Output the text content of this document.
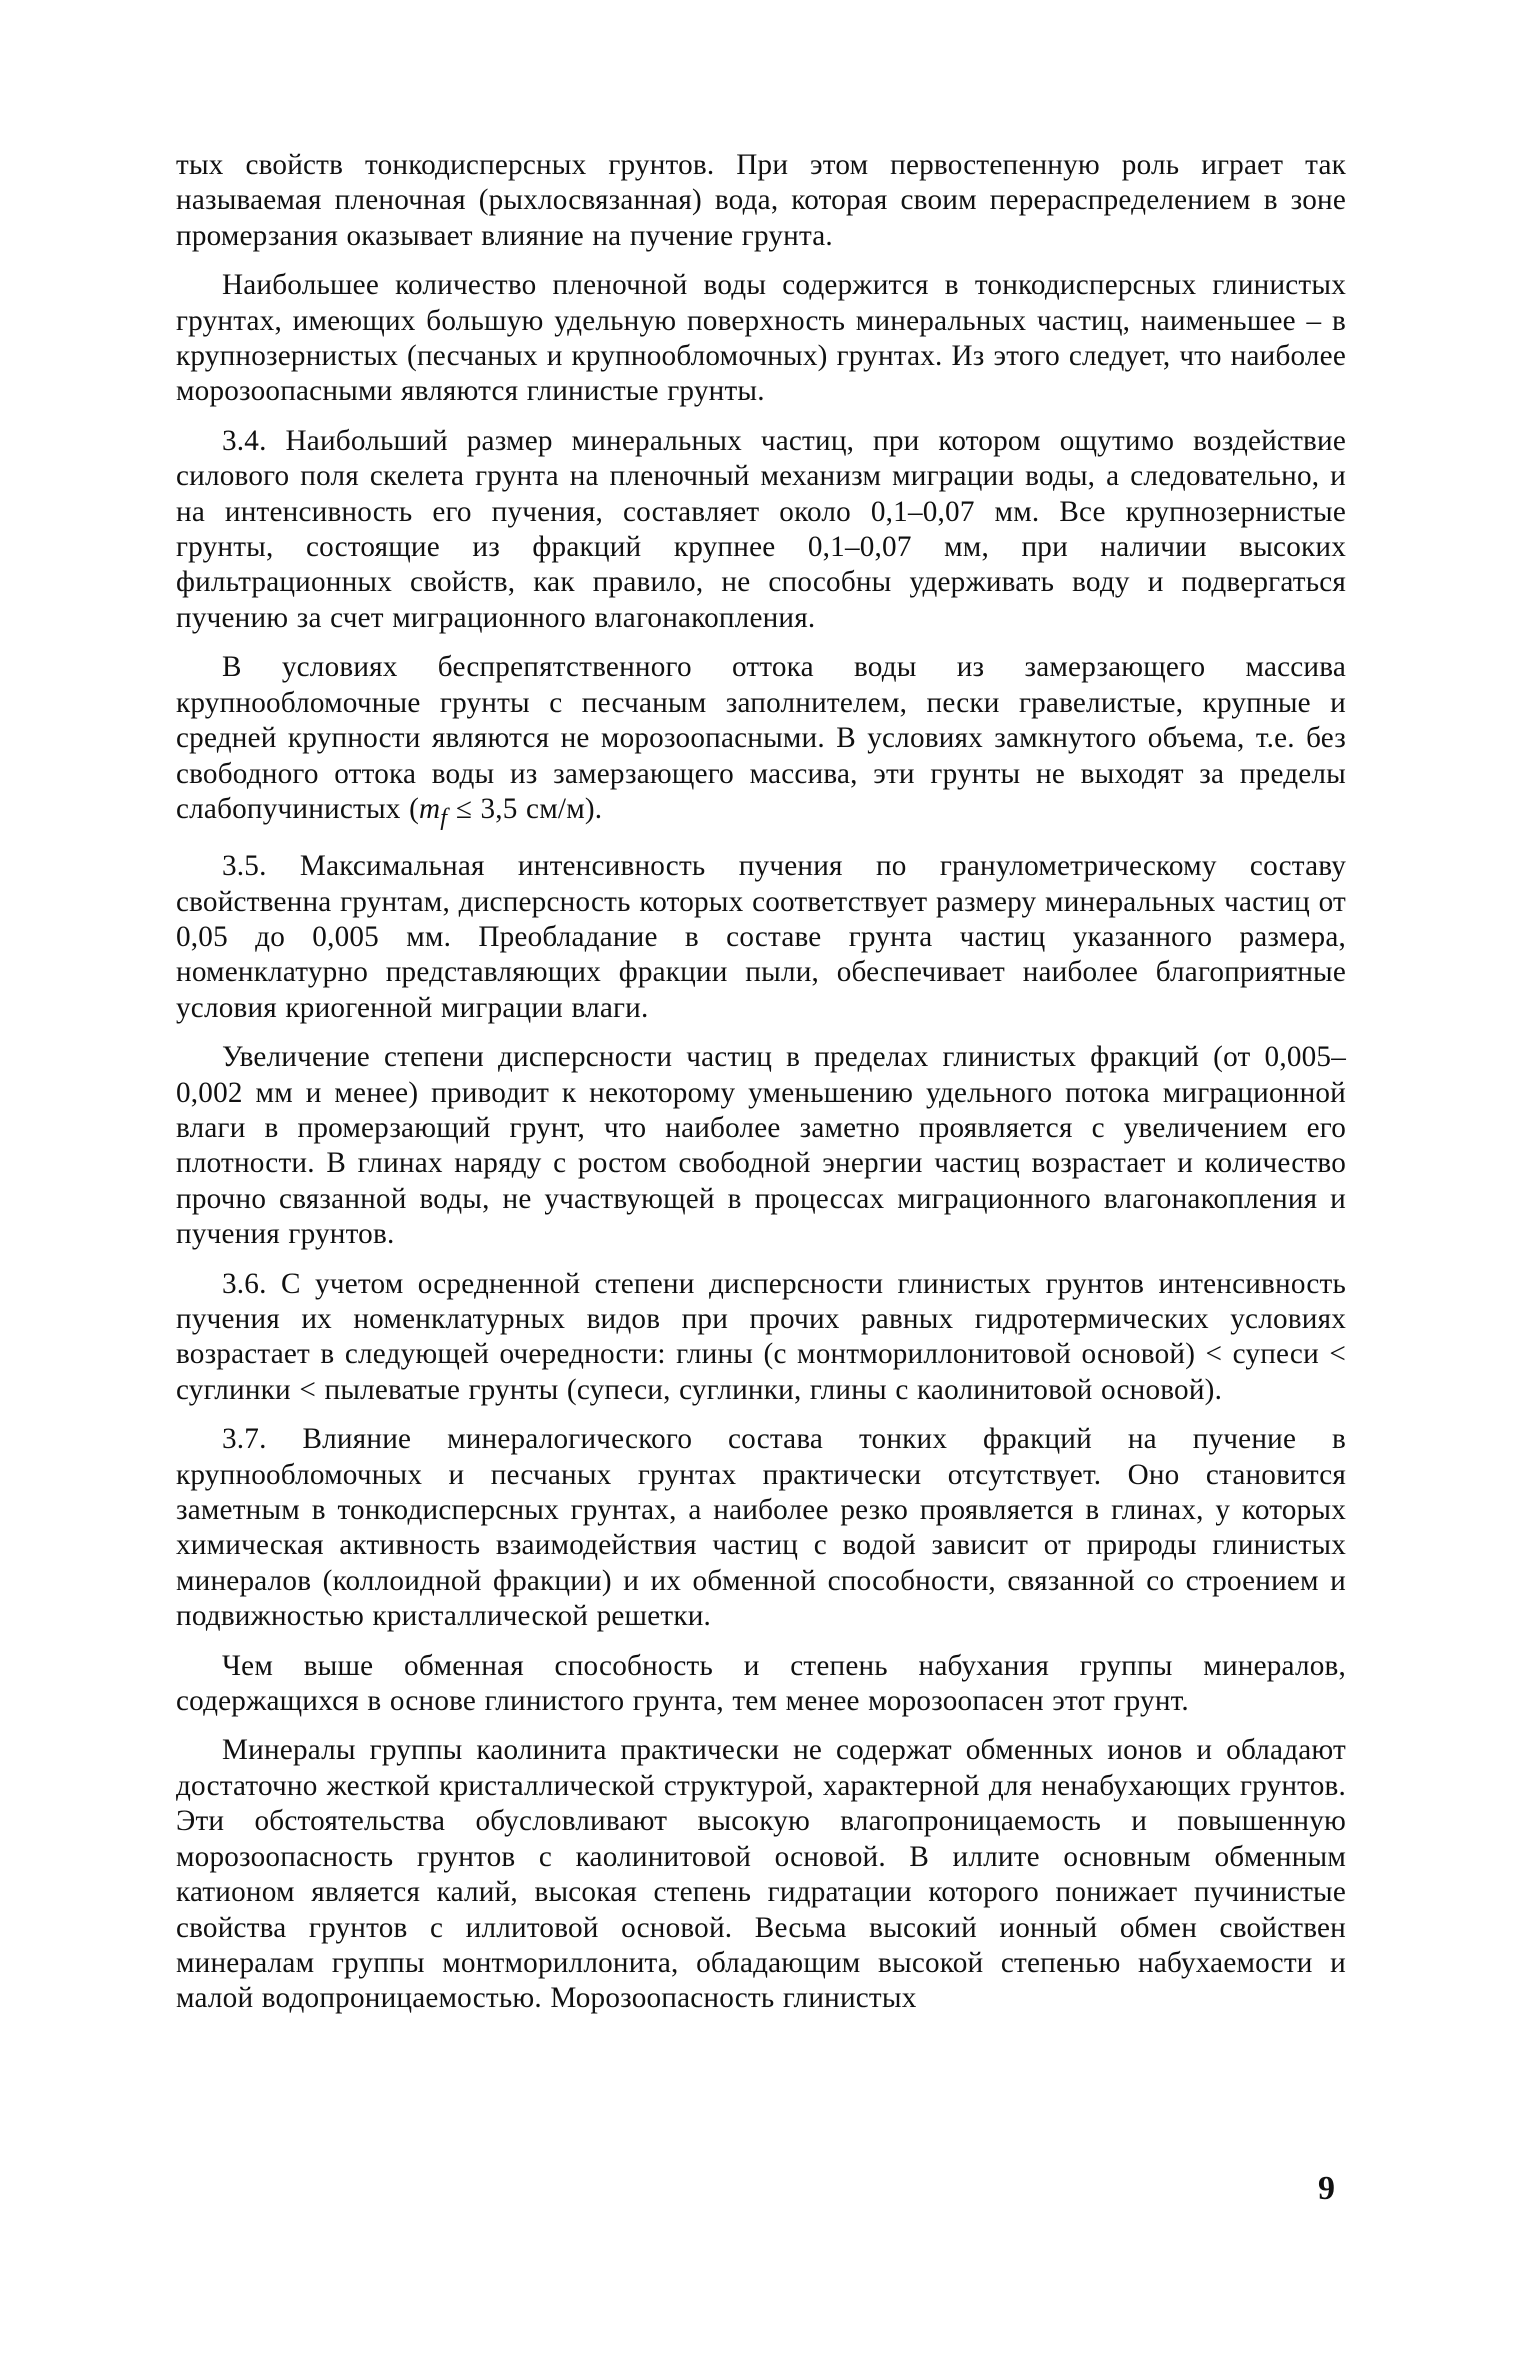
тых свойств тонкодисперсных грунтов. При этом первостепенную роль играет так называемая пленочная (рыхлосвязанная) вода, которая своим перераспределением в зоне промерзания оказывает влияние на пучение грунта.

Наибольшее количество пленочной воды содержится в тонкодисперсных глинистых грунтах, имеющих большую удельную поверхность минеральных частиц, наименьшее – в крупнозернистых (песчаных и крупнообломочных) грунтах. Из этого следует, что наиболее морозоопасными являются глинистые грунты.

3.4. Наибольший размер минеральных частиц, при котором ощутимо воздействие силового поля скелета грунта на пленочный механизм миграции воды, а следовательно, и на интенсивность его пучения, составляет около 0,1–0,07 мм. Все крупнозернистые грунты, состоящие из фракций крупнее 0,1–0,07 мм, при наличии высоких фильтрационных свойств, как правило, не способны удерживать воду и подвергаться пучению за счет миграционного влагонакопления.

В условиях беспрепятственного оттока воды из замерзающего массива крупнообломочные грунты с песчаным заполнителем, пески гравелистые, крупные и средней крупности являются не морозоопасными. В условиях замкнутого объема, т.е. без свободного оттока воды из замерзающего массива, эти грунты не выходят за пределы слабопучинистых ($m_f \le 3,5$ см/м).

3.5. Максимальная интенсивность пучения по гранулометрическому составу свойственна грунтам, дисперсность которых соответствует размеру минеральных частиц от 0,05 до 0,005 мм. Преобладание в составе грунта частиц указанного размера, номенклатурно представляющих фракции пыли, обеспечивает наиболее благоприятные условия криогенной миграции влаги.

Увеличение степени дисперсности частиц в пределах глинистых фракций (от 0,005–0,002 мм и менее) приводит к некоторому уменьшению удельного потока миграционной влаги в промерзающий грунт, что наиболее заметно проявляется с увеличением его плотности. В глинах наряду с ростом свободной энергии частиц возрастает и количество прочно связанной воды, не участвующей в процессах миграционного влагонакопления и пучения грунтов.

3.6. С учетом осредненной степени дисперсности глинистых грунтов интенсивность пучения их номенклатурных видов при прочих равных гидротермических условиях возрастает в следующей очередности: глины (с монтмориллонитовой основой) < супеси < суглинки < пылеватые грунты (супеси, суглинки, глины с каолинитовой основой).

3.7. Влияние минералогического состава тонких фракций на пучение в крупнообломочных и песчаных грунтах практически отсутствует. Оно становится заметным в тонкодисперсных грунтах, а наиболее резко проявляется в глинах, у которых химическая активность взаимодействия частиц с водой зависит от природы глинистых минералов (коллоидной фракции) и их обменной способности, связанной со строением и подвижностью кристаллической решетки.

Чем выше обменная способность и степень набухания группы минералов, содержащихся в основе глинистого грунта, тем менее морозоопасен этот грунт.

Минералы группы каолинита практически не содержат обменных ионов и обладают достаточно жесткой кристаллической структурой, характерной для ненабухающих грунтов. Эти обстоятельства обусловливают высокую влагопроницаемость и повышенную морозоопасность грунтов с каолинитовой основой. В иллите основным обменным катионом является калий, высокая степень гидратации которого понижает пучинистые свойства грунтов с иллитовой основой. Весьма высокий ионный обмен свойствен минералам группы монтмориллонита, обладающим высокой степенью набухаемости и малой водопроницаемостью. Морозоопасность глинистых

9
